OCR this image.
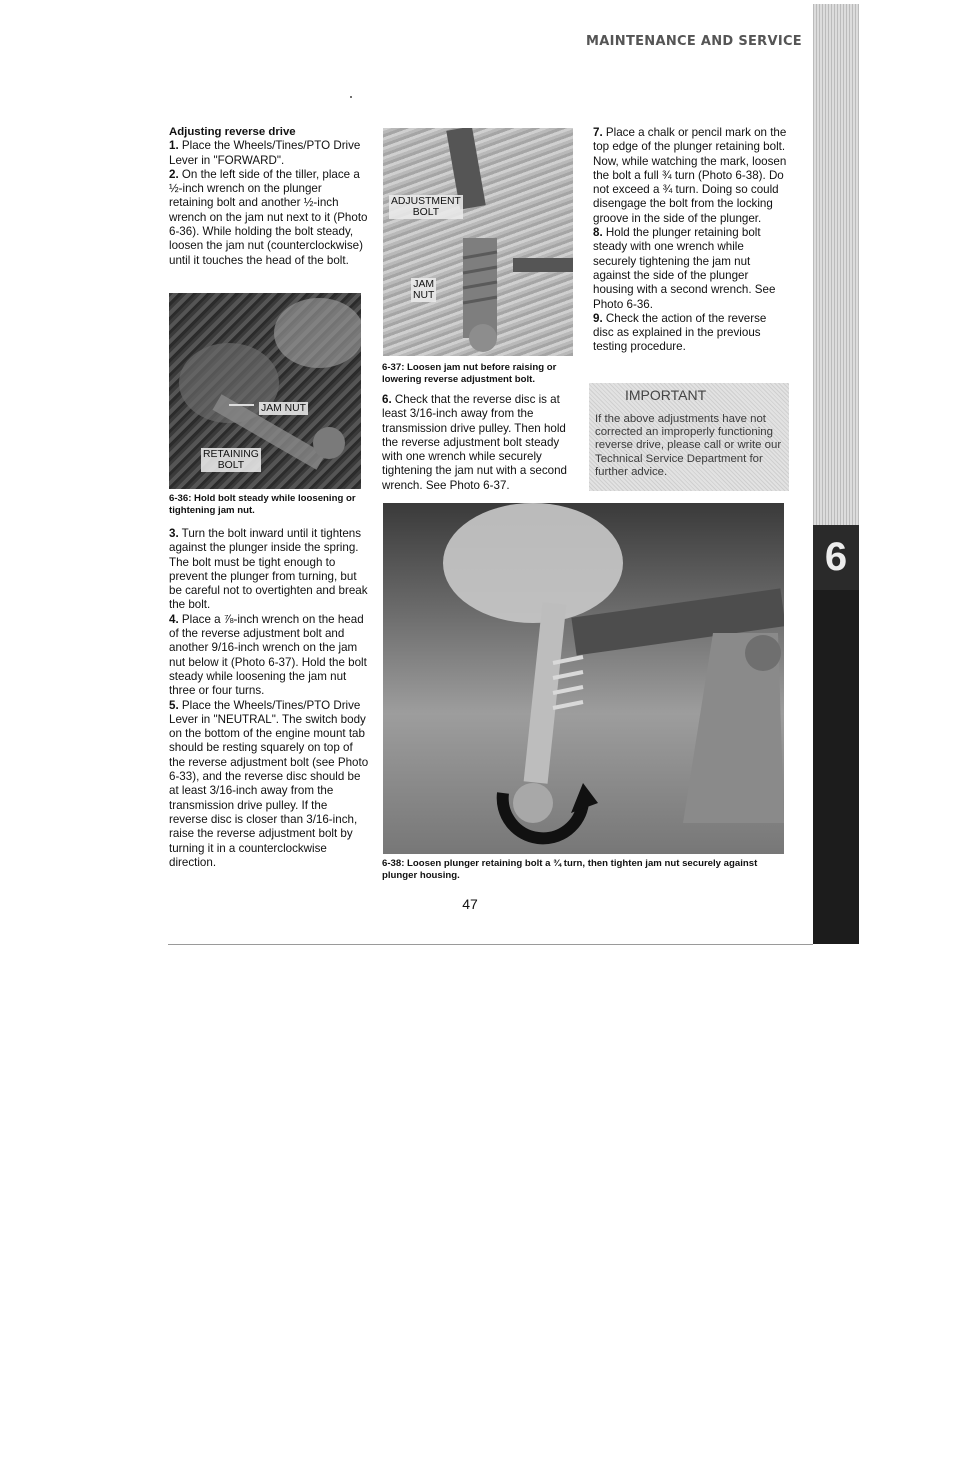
MAINTENANCE AND SERVICE

Adjusting reverse drive

1. Place the Wheels/Tines/PTO Drive Lever in "FORWARD".

2. On the left side of the tiller, place a ½-inch wrench on the plunger retaining bolt and another ½-inch wrench on the jam nut next to it (Photo 6-36). While holding the bolt steady, loosen the jam nut (counterclockwise) until it touches the head of the bolt.

JAM NUT
RETAINING
BOLT
6-36: Hold bolt steady while loosening or tightening jam nut.

3. Turn the bolt inward until it tightens against the plunger inside the spring. The bolt must be tight enough to prevent the plunger from turning, but be careful not to overtighten and break the bolt.

4. Place a ⅞-inch wrench on the head of the reverse adjustment bolt and another 9/16-inch wrench on the jam nut below it (Photo 6-37). Hold the bolt steady while loosening the jam nut three or four turns.

5. Place the Wheels/Tines/PTO Drive Lever in "NEUTRAL". The switch body on the bottom of the engine mount tab should be resting squarely on top of the reverse adjustment bolt (see Photo 6-33), and the reverse disc should be at least 3/16-inch away from the transmission drive pulley. If the reverse disc is closer than 3/16-inch, raise the reverse adjustment bolt by turning it in a counterclockwise direction.

ADJUSTMENT
BOLT
JAM
NUT
6-37: Loosen jam nut before raising or lowering reverse adjustment bolt.

6. Check that the reverse disc is at least 3/16-inch away from the transmission drive pulley. Then hold the reverse adjustment bolt steady with one wrench while securely tightening the jam nut with a second wrench. See Photo 6-37.

7. Place a chalk or pencil mark on the top edge of the plunger retaining bolt. Now, while watching the mark, loosen the bolt a full ¾ turn (Photo 6-38). Do not exceed a ¾ turn. Doing so could disengage the bolt from the locking groove in the side of the plunger.

8. Hold the plunger retaining bolt steady with one wrench while securely tightening the jam nut against the side of the plunger housing with a second wrench. See Photo 6-36.

9. Check the action of the reverse disc as explained in the previous testing procedure.

IMPORTANT
If the above adjustments have not corrected an improperly functioning reverse drive, please call or write our Technical Service Department for further advice.
6-38: Loosen plunger retaining bolt a ¾ turn, then tighten jam nut securely against plunger housing.
6
47
